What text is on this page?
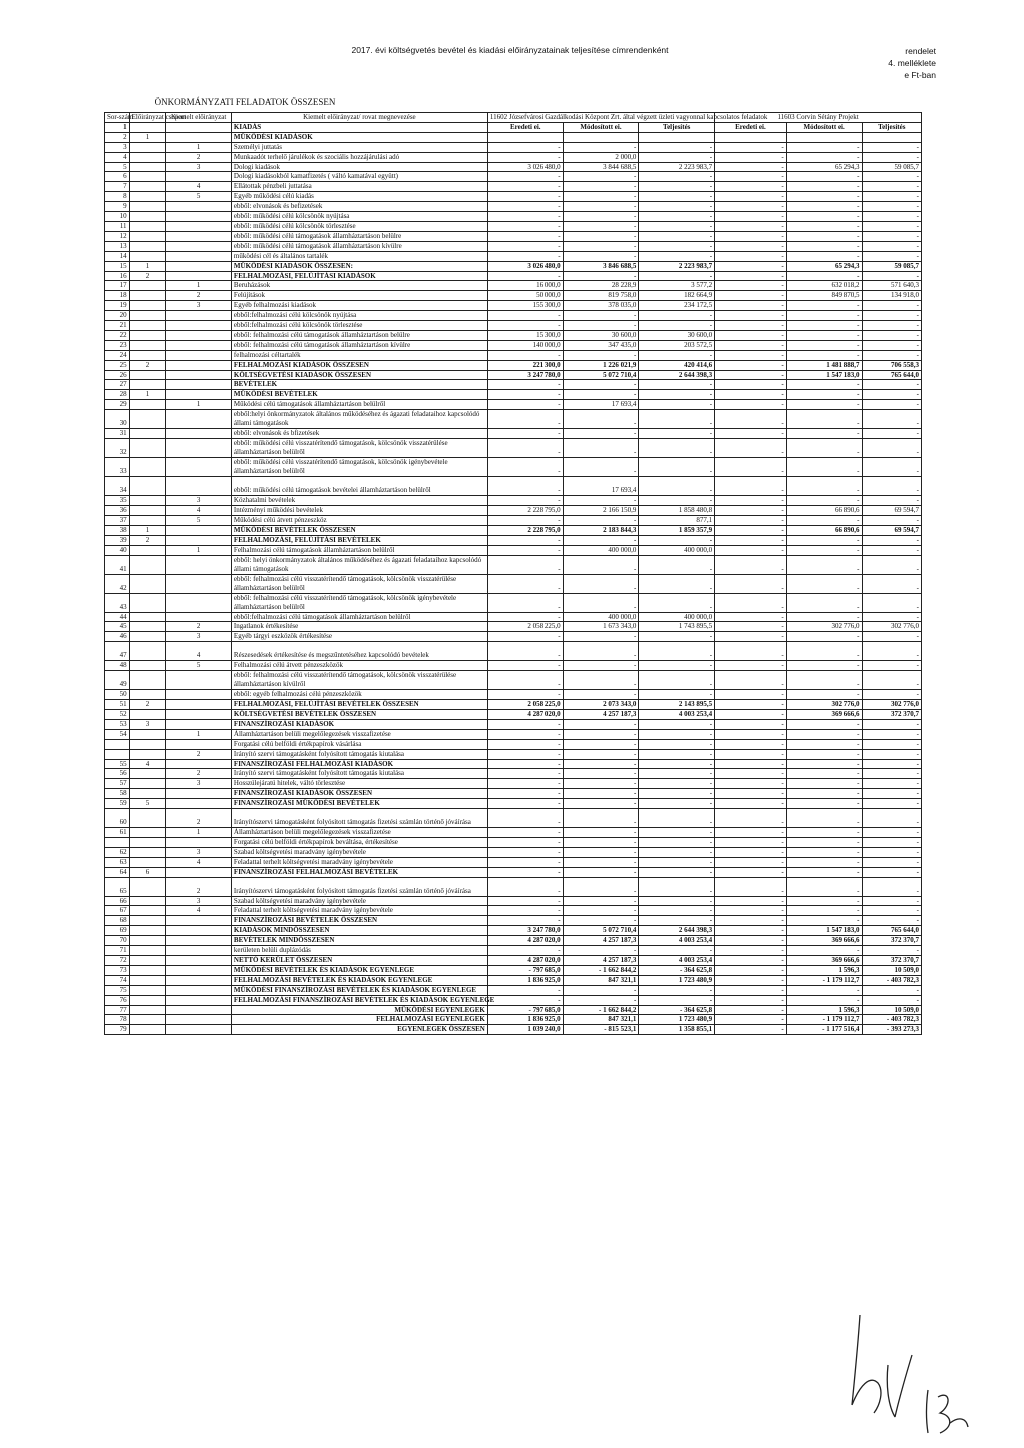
2017. évi költségvetés bevétel és kiadási előirányzatainak teljesítése címrendenként	rendelet
4. melléklete
e Ft-ban
ÖNKORMÁNYZATI FELADATOK ÖSSZESEN
Sor-szám	Előirányzat csoport	Kiemelt előirányzat	Kiemelt előirányzat/ rovat megnevezése	11602 Józsefvárosi Gazdálkodási Központ Zrt. által végzett üzleti vagyonnal kapcsolatos feladatok			11603 Corvin Sétány Projekt		
1			KIADÁS	Eredeti ei.	Módosított ei.	Teljesítés	Eredeti ei.	Módosított ei.	Teljesítés
2	1		MŰKÖDÉSI KIADÁSOK						
3		1	Személyi juttatás	-	-	-	-	-	-
4		2	Munkaadót terhelő járulékok és szociális hozzájárulási adó	-	2 000,0	-	-	-	-
5		3	Dologi kiadások	3 026 480,0	3 844 688,5	2 223 983,7	-	65 294,3	59 085,7
6			Dologi kiadásokból kamatfizetés ( váltó kamatával együtt)	-	-	-	-	-	-
7		4	Ellátottak pénzbeli juttatása	-	-	-	-	-	-
8		5	Egyéb működési célú kiadás	-	-	-	-	-	-
9			ebből: elvonások és befizetések	-	-	-	-	-	-
10			ebből: működési célú kölcsönök nyújtása	-	-	-	-	-	-
11			ebből: működési célú kölcsönök törlesztése	-	-	-	-	-	-
12			ebből: működési célú támogatások államháztartáson belülre	-	-	-	-	-	-
13			ebből: működési célú támogatások államháztartáson kívülre	-	-	-	-	-	-
14			működési cél és általános tartalék	-	-	-	-	-	-
15	1		MŰKÖDÉSI KIADÁSOK ÖSSZESEN:	3 026 480,0	3 846 688,5	2 223 983,7	-	65 294,3	59 085,7
16	2		FELHALMOZÁSI, FELÚJÍTÁSI KIADÁSOK	-	-	-	-	-	-
17		1	Beruházások	16 000,0	28 228,9	3 577,2	-	632 018,2	571 640,3
18		2	Felújítások	50 000,0	819 758,0	182 664,9	-	849 870,5	134 918,0
19		3	Egyéb felhalmozási kiadások	155 300,0	378 035,0	234 172,5	-	-	-
20			ebből:felhalmozási célú kölcsönök nyújtása	-	-	-	-	-	-
21			ebből:felhalmozási célú kölcsönök törlesztése	-	-	-	-	-	-
22			ebből: felhalmozási célú támogatások államháztartáson belülre	15 300,0	30 600,0	30 600,0	-	-	-
23			ebből: felhalmozási célú támogatások államháztartáson kívülre	140 000,0	347 435,0	203 572,5	-	-	-
24			felhalmozási céltartalék	-	-	-	-	-	-
25	2		FELHALMOZÁSI KIADÁSOK ÖSSZESEN	221 300,0	1 226 021,9	420 414,6	-	1 481 888,7	706 558,3
26			KÖLTSÉGVETÉSI KIADÁSOK ÖSSZESEN	3 247 780,0	5 072 710,4	2 644 398,3	-	1 547 183,0	765 644,0
27			BEVÉTELEK	-	-	-	-	-	-
28	1		MŰKÖDÉSI BEVÉTELEK	-	-	-	-	-	-
29		1	Működési célú támogatások államháztartáson belülről	-	17 693,4	-	-	-	-
30			ebből:helyi önkormányzatok általános működéséhez és ágazati feladataihoz kapcsolódó állami támogatások	-	-	-	-	-	-
31			ebből: elvonások és bfizetések	-	-	-	-	-	-
32			ebből: működési célú visszatérítendő támogatások, kölcsönök visszatérülése államháztartáson belülről	-	-	-	-	-	-
33			ebből: működési célú visszatérítendő támogatások, kölcsönök igénybevétele államháztartáson belülről	-	-	-	-	-	-
34			ebből: működési célú támogatások bevételei államháztartáson belülről	-	17 693,4	-	-	-	-
35		3	Közhatalmi bevételek	-	-	-	-	-	-
36		4	Intézményi működési bevételek	2 228 795,0	2 166 150,9	1 858 480,8	-	66 890,6	69 594,7
37		5	Működési célú átvett pénzeszköz	-	-	877,1	-	-	-
38	1		MŰKÖDÉSI BEVÉTELEK ÖSSZESEN	2 228 795,0	2 183 844,3	1 859 357,9	-	66 890,6	69 594,7
39	2		FELHALMOZÁSI, FELÚJÍTÁSI BEVÉTELEK	-	-	-	-	-	-
40		1	Felhalmozási célú támogatások államháztartáson belülről	-	400 000,0	400 000,0	-	-	-
41			ebből: helyi önkormányzatok általános működéséhez és ágazati feladataihoz kapcsolódó állami támogatások	-	-	-	-	-	-
42			ebből: felhalmozási célú visszatérítendő támogatások, kölcsönök visszatérülése államháztartáson belülről	-	-	-	-	-	-
43			ebből: felhalmozási célú visszatérítendő támogatások, kölcsönök igénybevétele államháztartáson belülről	-	-	-	-	-	-
44			ebből:felhalmozási célú támogatások államháztartáson belülről	-	400 000,0	400 000,0	-	-	-
45		2	Ingatlanok értékesítése	2 058 225,0	1 673 343,0	1 743 895,5	-	302 776,0	302 776,0
46		3	Egyéb tárgyi eszközök értékesítése	-	-	-	-	-	-
47		4	Részesedések értékesítése és megszűntetéséhez kapcsolódó bevételek	-	-	-	-	-	-
48		5	Felhalmozási célú átvett pénzeszközök	-	-	-	-	-	-
49			ebből: felhalmozási célú visszatérítendő támogatások, kölcsönök visszatérülése államháztartáson kívülről	-	-	-	-	-	-
50			ebből: egyéb felhalmozási célú pénzeszközök	-	-	-	-	-	-
51	2		FELHALMOZÁSI, FELÚJÍTÁSI BEVÉTELEK ÖSSZESEN	2 058 225,0	2 073 343,0	2 143 895,5	-	302 776,0	302 776,0
52			KÖLTSÉGVETÉSI BEVÉTELEK ÖSSZESEN	4 287 020,0	4 257 187,3	4 003 253,4	-	369 666,6	372 370,7
53	3		FINANSZÍROZÁSI KIADÁSOK	-	-	-	-	-	-
54		1	Államháztartáson belüli megelőlegezések visszafizetése	-	-	-	-	-	-
			Forgatási célú belföldi értékpapírok vásárlása	-	-	-	-	-	-
		2	Irányító szervi támogatásként folyósított támogatás kiutalása	-	-	-	-	-	-
55	4		FINANSZÍROZÁSI FELHALMOZÁSI KIADÁSOK	-	-	-	-	-	-
56		2	Irányító szervi támogatásként folyósított támogatás kiutalása	-	-	-	-	-	-
57		3	Hosszúlejáratú hitelek, váltó törlesztése	-	-	-	-	-	-
58			FINANSZÍROZÁSI KIADÁSOK ÖSSZESEN	-	-	-	-	-	-
59	5		FINANSZÍROZÁSI MŰKÖDÉSI BEVÉTELEK	-	-	-	-	-	-
60		2	Irányítószervi támogatásként folyósított támogatás fizetési számlán történő jóváírása	-	-	-	-	-	-
61		1	Államháztartáson belüli megelőlegezések visszafizetése	-	-	-	-	-	-
			Forgatási célú belföldi értékpapírok beváltása, értékesítése	-	-	-	-	-	-
62		3	Szabad költségvetési maradvány igénybevétele	-	-	-	-	-	-
63		4	Feladattal terhelt költségvetési maradvány igénybevétele	-	-	-	-	-	-
64	6		FINANSZÍROZÁSI FELHALMOZÁSI BEVÉTELEK	-	-	-	-	-	-
65		2	Irányítószervi támogatásként folyósított támogatás fizetési számlán történő jóváírása	-	-	-	-	-	-
66		3	Szabad költségvetési maradvány igénybevétele	-	-	-	-	-	-
67		4	Feladattal terhelt költségvetési maradvány igénybevétele	-	-	-	-	-	-
68			FINANSZÍROZÁSI BEVÉTELEK ÖSSZESEN	-	-	-	-	-	-
69			KIADÁSOK MINDÖSSZESEN	3 247 780,0	5 072 710,4	2 644 398,3	-	1 547 183,0	765 644,0
70			BEVÉTELEK MINDÖSSZESEN	4 287 020,0	4 257 187,3	4 003 253,4	-	369 666,6	372 370,7
71			kerületen belüli duplázódás	-	-	-	-	-	-
72			NETTÓ KERÜLET ÖSSZESEN	4 287 020,0	4 257 187,3	4 003 253,4	-	369 666,6	372 370,7
73			MŰKÖDÉSI BEVÉTELEK ÉS KIADÁSOK EGYENLEGE	- 797 685,0	- 1 662 844,2	- 364 625,8	-	1 596,3	10 509,0
74			FELHALMOZÁSI BEVÉTELEK ÉS KIADÁSOK EGYENLEGE	1 836 925,0	847 321,1	1 723 480,9	-	- 1 179 112,7	- 403 782,3
75			MŰKÖDÉSI FINANSZÍROZÁSI BEVÉTELEK ÉS KIADÁSOK EGYENLEGE	-	-	-	-	-	-
76			FELHALMOZÁSI FINANSZÍROZÁSI BEVÉTELEK ÉS KIADÁSOK EGYENLEGE	-	-	-	-	-	-
77			MŰKÖDÉSI EGYENLEGEK	- 797 685,0	- 1 662 844,2	- 364 625,8	-	1 596,3	10 509,0
78			FELHALMOZÁSI EGYENLEGEK	1 836 925,0	847 321,1	1 723 480,9	-	- 1 179 112,7	- 403 782,3
79			EGYENLEGEK ÖSSZESEN	1 039 240,0	- 815 523,1	1 358 855,1	-	- 1 177 516,4	- 393 273,3
